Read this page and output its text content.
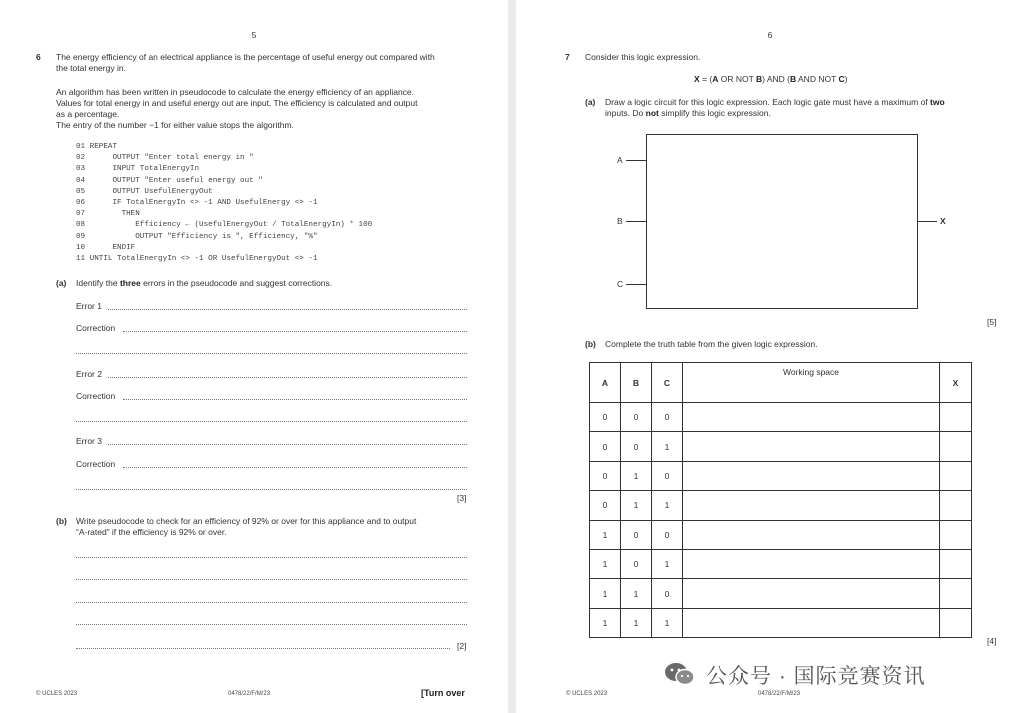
5
6 The energy efficiency of an electrical appliance is the percentage of useful energy out compared with
the total energy in.
An algorithm has been written in pseudocode to calculate the energy efficiency of an appliance.
Values for total energy in and useful energy out are input. The efficiency is calculated and output
as a percentage.
The entry of the number −1 for either value stops the algorithm.
01 REPEAT
02      OUTPUT "Enter total energy in "
03      INPUT TotalEnergyIn
04      OUTPUT "Enter useful energy out "
05      OUTPUT UsefulEnergyOut
06      IF TotalEnergyIn <> -1 AND UsefulEnergy <> -1
07        THEN
08           Efficiency ← (UsefulEnergyOut / TotalEnergyIn) * 100
09           OUTPUT "Efficiency is ", Efficiency, "%"
10      ENDIF
11 UNTIL TotalEnergyIn <> -1 OR UsefulEnergyOut <> -1
(a) Identify the three errors in the pseudocode and suggest corrections.
Error 1
Correction
Error 2
Correction
Error 3
Correction
[3]
(b) Write pseudocode to check for an efficiency of 92% or over for this appliance and to output
“A-rated” if the efficiency is 92% or over.
[2]
© UCLES 2023	0478/22/F/M/23	[Turn over
6
7 Consider this logic expression.
X = (A OR NOT B) AND (B AND NOT C)
(a) Draw a logic circuit for this logic expression. Each logic gate must have a maximum of two
inputs. Do not simplify this logic expression.
A
B
C
X
[5]
(b) Complete the truth table from the given logic expression.
A	B	C	Working space	X
0	0	0		
0	0	1		
0	1	0		
0	1	1		
1	0	0		
1	0	1		
1	1	0		
1	1	1		
[4]
© UCLES 2023	0478/22/F/M/23
公众号 · 国际竞赛资讯
